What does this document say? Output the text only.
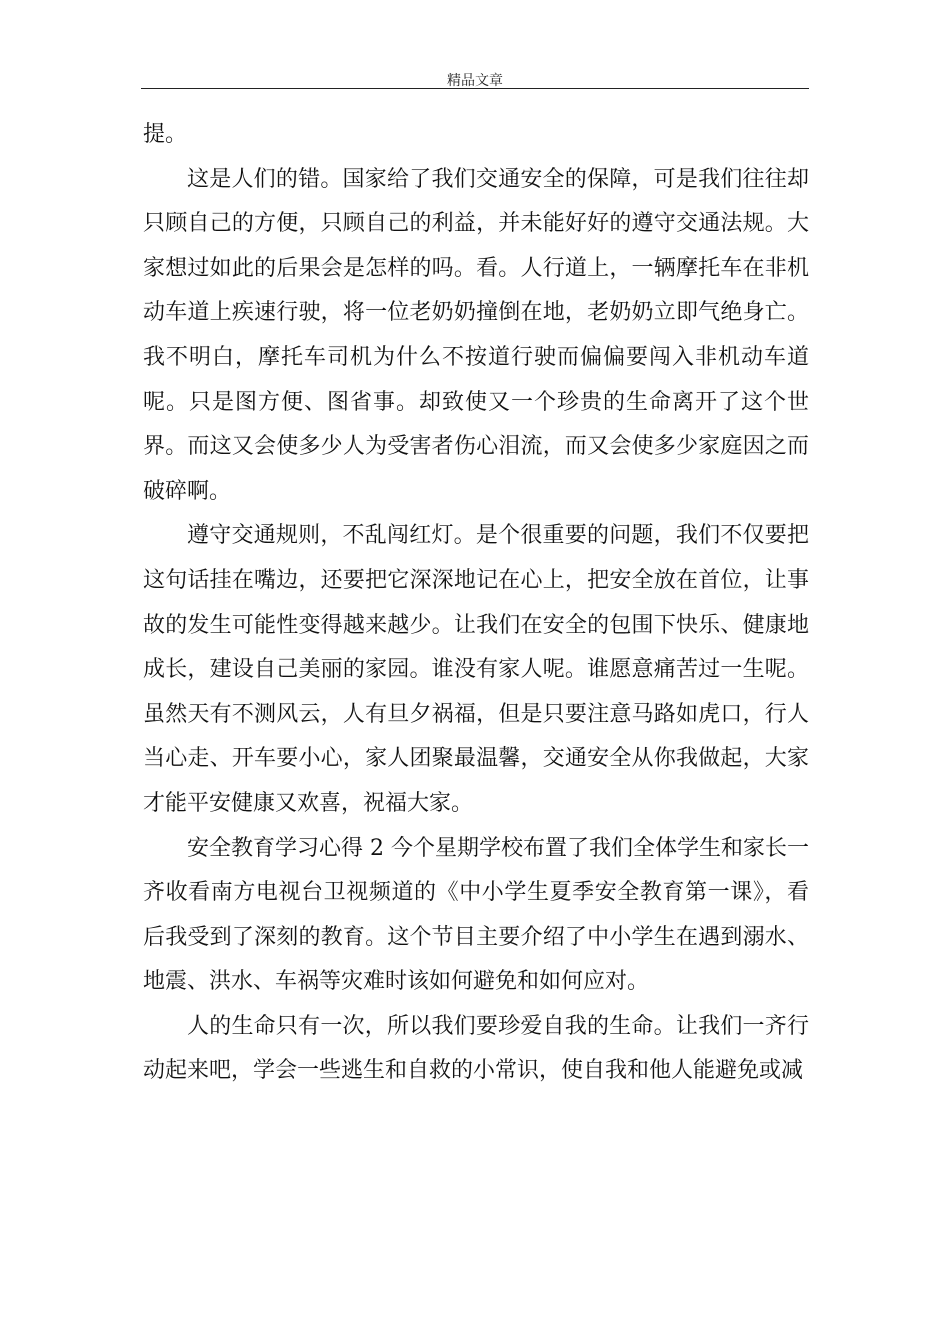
精品文章

提。

这是人们的错。国家给了我们交通安全的保障，可是我们往往却只顾自己的方便，只顾自己的利益，并未能好好的遵守交通法规。大家想过如此的后果会是怎样的吗。看。人行道上，一辆摩托车在非机动车道上疾速行驶，将一位老奶奶撞倒在地，老奶奶立即气绝身亡。我不明白，摩托车司机为什么不按道行驶而偏偏要闯入非机动车道呢。只是图方便、图省事。却致使又一个珍贵的生命离开了这个世界。而这又会使多少人为受害者伤心泪流，而又会使多少家庭因之而破碎啊。

遵守交通规则，不乱闯红灯。是个很重要的问题，我们不仅要把这句话挂在嘴边，还要把它深深地记在心上，把安全放在首位，让事故的发生可能性变得越来越少。让我们在安全的包围下快乐、健康地成长，建设自己美丽的家园。谁没有家人呢。谁愿意痛苦过一生呢。虽然天有不测风云，人有旦夕祸福，但是只要注意马路如虎口，行人当心走、开车要小心，家人团聚最温馨，交通安全从你我做起，大家才能平安健康又欢喜，祝福大家。

安全教育学习心得 2 今个星期学校布置了我们全体学生和家长一齐收看南方电视台卫视频道的《中小学生夏季安全教育第一课》，看后我受到了深刻的教育。这个节目主要介绍了中小学生在遇到溺水、地震、洪水、车祸等灾难时该如何避免和如何应对。

人的生命只有一次，所以我们要珍爱自我的生命。让我们一齐行动起来吧，学会一些逃生和自救的小常识，使自我和他人能避免或减
